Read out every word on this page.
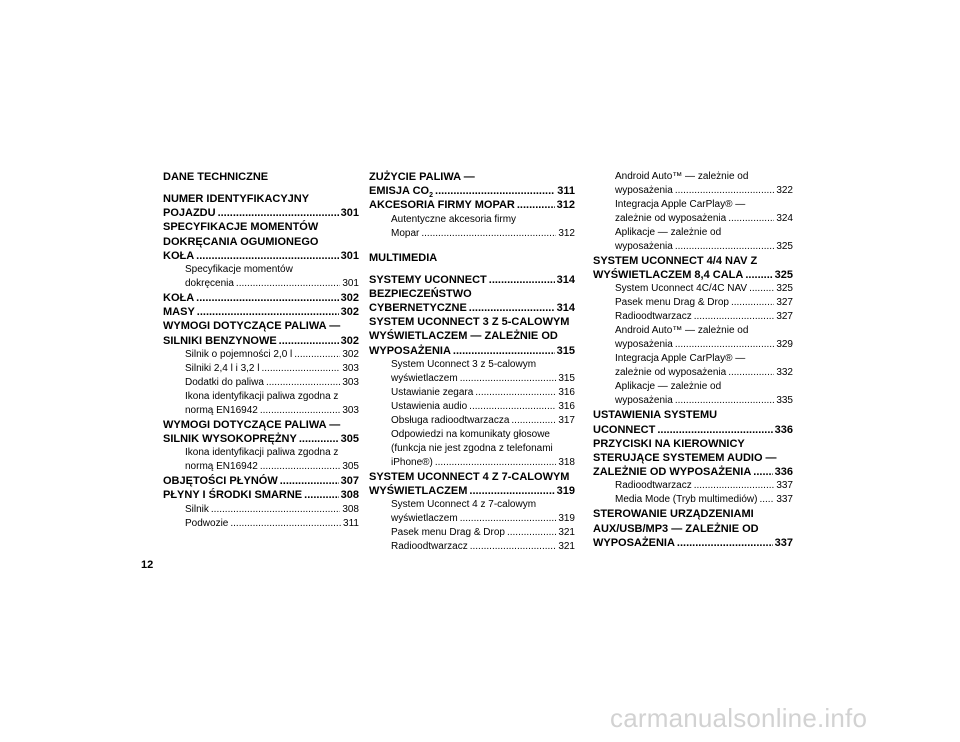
DANE TECHNICZNE
NUMER IDENTYFIKACYJNY
POJAZDU .....	301
SPECYFIKACJE MOMENTÓW
DOKRĘCANIA OGUMIONEGO
KOŁA .....	301
Specyfikacje momentów
dokręcenia .....	301
KOŁA .....	302
MASY .....	302
WYMOGI DOTYCZĄCE PALIWA —
SILNIKI BENZYNOWE .....	302
Silnik o pojemności 2,0 l .....	302
Silniki 2,4 l i 3,2 l .....	303
Dodatki do paliwa .....	303
Ikona identyfikacji paliwa zgodna z
normą EN16942 .....	303
WYMOGI DOTYCZĄCE PALIWA —
SILNIK WYSOKOPRĘŻNY .....	305
Ikona identyfikacji paliwa zgodna z
normą EN16942 .....	305
OBJĘTOŚCI PŁYNÓW .....	307
PŁYNY I ŚRODKI SMARNE .....	308
Silnik .....	308
Podwozie .....	311
ZUŻYCIE PALIWA —
EMISJA $CO_2$ .....	311
AKCESORIA FIRMY MOPAR .....	312
Autentyczne akcesoria firmy
Mopar .....	312
MULTIMEDIA
SYSTEMY UCONNECT .....	314
BEZPIECZEŃSTWO
CYBERNETYCZNE .....	314
SYSTEM UCONNECT 3 Z 5-CALOWYM
WYŚWIETLACZEM — ZALEŻNIE OD
WYPOSAŻENIA .....	315
System Uconnect 3 z 5-calowym
wyświetlaczem .....	315
Ustawianie zegara .....	316
Ustawienia audio .....	316
Obsługa radioodtwarzacza .....	317
Odpowiedzi na komunikaty głosowe
(funkcja nie jest zgodna z telefonami
iPhone®) .....	318
SYSTEM UCONNECT 4 Z 7-CALOWYM
WYŚWIETLACZEM .....	319
System Uconnect 4 z 7-calowym
wyświetlaczem .....	319
Pasek menu Drag & Drop .....	321
Radioodtwarzacz .....	321
Android Auto™ — zależnie od
wyposażenia .....	322
Integracja Apple CarPlay® —
zależnie od wyposażenia .....	324
Aplikacje — zależnie od
wyposażenia .....	325
SYSTEM UCONNECT 4/4 NAV Z
WYŚWIETLACZEM 8,4 CALA .....	325
System Uconnect 4C/4C NAV .....	325
Pasek menu Drag & Drop .....	327
Radioodtwarzacz .....	327
Android Auto™ — zależnie od
wyposażenia .....	329
Integracja Apple CarPlay® —
zależnie od wyposażenia .....	332
Aplikacje — zależnie od
wyposażenia .....	335
USTAWIENIA SYSTEMU
UCONNECT .....	336
PRZYCISKI NA KIEROWNICY
STERUJĄCE SYSTEMEM AUDIO —
ZALEŻNIE OD WYPOSAŻENIA ..... 336
Radioodtwarzacz .....	337
Media Mode (Tryb multimediów) ..... 337
STEROWANIE URZĄDZENIAMI
AUX/USB/MP3 — ZALEŻNIE OD
WYPOSAŻENIA .....	337
12
carmanualsonline.info
